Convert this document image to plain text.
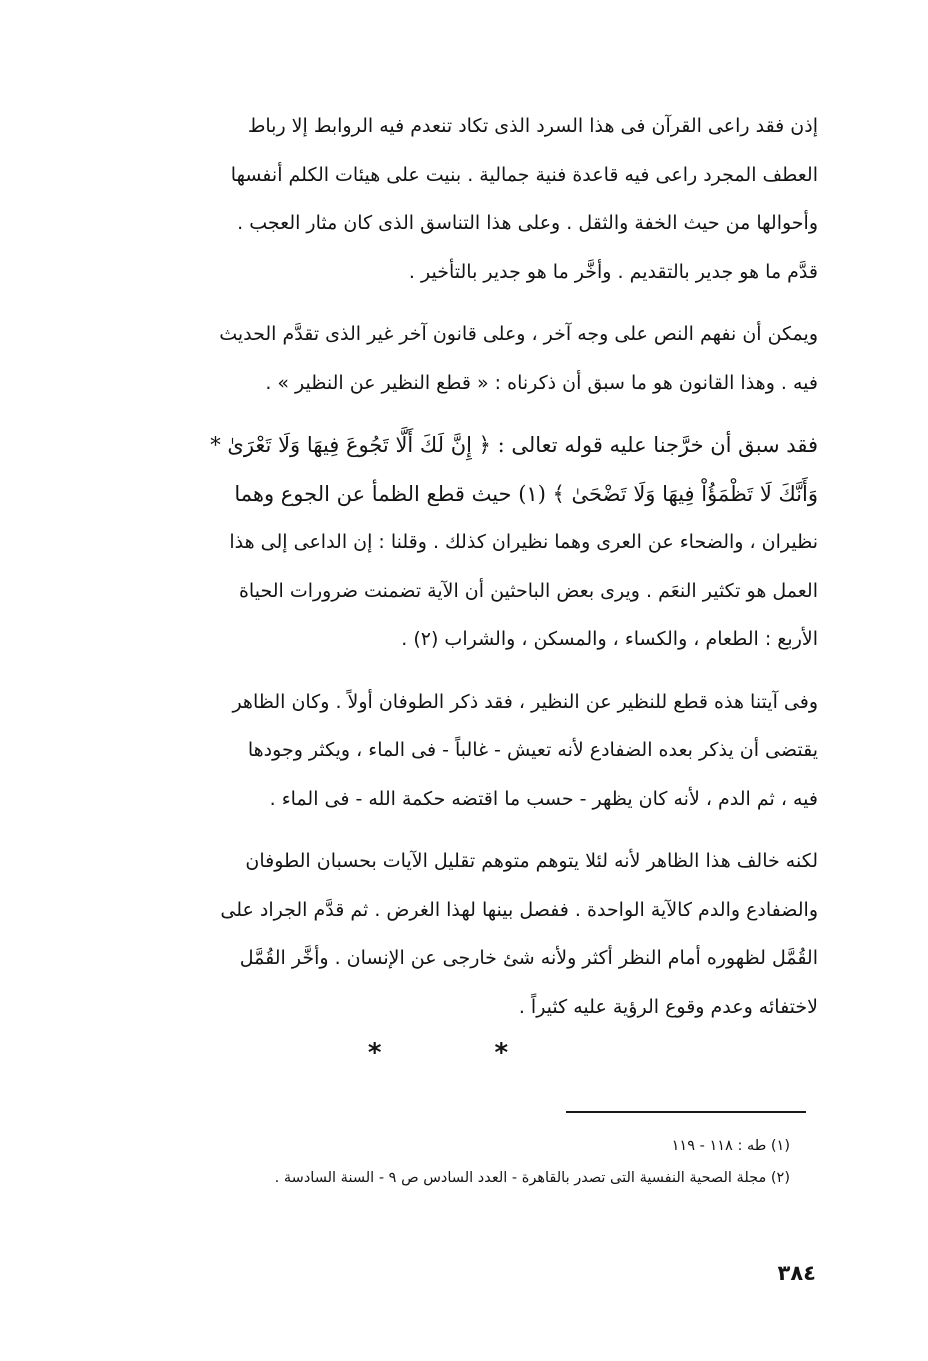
إذن فقد راعى القرآن فى هذا السرد الذى تكاد تنعدم فيه الروابط إلا رباط
العطف المجرد راعى فيه قاعدة فنية جمالية . بنيت على هيئات الكلم أنفسها
وأحوالها من حيث الخفة والثقل . وعلى هذا التناسق الذى كان مثار العجب .
قدَّم ما هو جدير بالتقديم . وأخَّر ما هو جدير بالتأخير .

ويمكن أن نفهم النص على وجه آخر ، وعلى قانون آخر غير الذى تقدَّم الحديث
فيه . وهذا القانون هو ما سبق أن ذكرناه : « قطع النظير عن النظير » .

فقد سبق أن خرَّجنا عليه قوله تعالى : ﴿ إِنَّ لَكَ أَلَّا تَجُوعَ فِيهَا وَلَا تَعْرَىٰ *
وَأَنَّكَ لَا تَظْمَؤُاْ فِيهَا وَلَا تَضْحَىٰ ﴾ (١) حيث قطع الظمأ عن الجوع وهما
نظيران ، والضحاء عن العرى وهما نظيران كذلك . وقلنا : إن الداعى إلى هذا
العمل هو تكثير النعَم . ويرى بعض الباحثين أن الآية تضمنت ضرورات الحياة
الأربع : الطعام ، والكساء ، والمسكن ، والشراب (٢) .

وفى آيتنا هذه قطع للنظير عن النظير ، فقد ذكر الطوفان أولاً . وكان الظاهر
يقتضى أن يذكر بعده الضفادع لأنه تعيش - غالباً - فى الماء ، ويكثر وجودها
فيه ، ثم الدم ، لأنه كان يظهر - حسب ما اقتضه حكمة الله - فى الماء .

لكنه خالف هذا الظاهر لأنه لئلا يتوهم متوهم تقليل الآيات بحسبان الطوفان
والضفادع والدم كالآية الواحدة . ففصل بينها لهذا الغرض . ثم قدَّم الجراد على
القُمَّل لظهوره أمام النظر أكثر ولأنه شئ خارجى عن الإنسان . وأخَّر القُمَّل
لاختفائه وعدم وقوع الرؤية عليه كثيراً .

* *
(١) طه : ١١٨ - ١١٩
(٢) مجلة الصحية النفسية التى تصدر بالقاهرة - العدد السادس ص ٩ - السنة السادسة .
٣٨٤
